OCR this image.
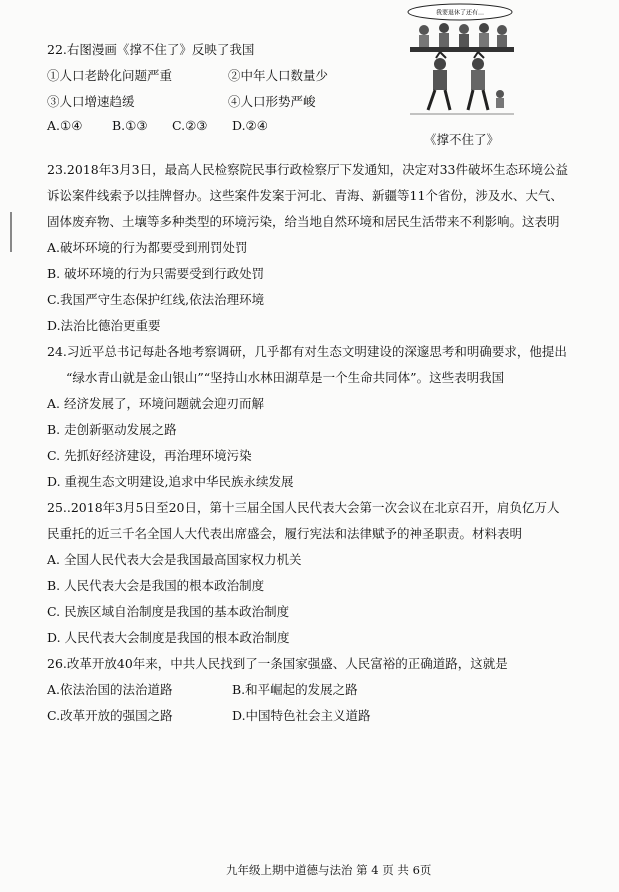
22.右图漫画《撑不住了》反映了我国
①人口老龄化问题严重	②中年人口数量少
③人口增速趋缓	④人口形势严峻
A.①④ B.①③ C.②③ D.②④
我要退休了还有…
《撑不住了》
23.2018年3月3日，最高人民检察院民事行政检察厅下发通知，决定对33件破坏生态环境公益
诉讼案件线索予以挂牌督办。这些案件发案于河北、青海、新疆等11个省份，涉及水、大气、
固体废弃物、土壤等多种类型的环境污染，给当地自然环境和居民生活带来不利影响。这表明
A.破坏环境的行为都要受到刑罚处罚
B. 破坏环境的行为只需要受到行政处罚
C.我国严守生态保护红线,依法治理环境
D.法治比德治更重要
24.习近平总书记每赴各地考察调研，几乎都有对生态文明建设的深邃思考和明确要求，他提出
“绿水青山就是金山银山”“坚持山水林田湖草是一个生命共同体”。这些表明我国
A. 经济发展了，环境问题就会迎刃而解
B. 走创新驱动发展之路
C. 先抓好经济建设，再治理环境污染
D. 重视生态文明建设,追求中华民族永续发展
25..2018年3月5日至20日，第十三届全国人民代表大会第一次会议在北京召开，肩负亿万人
民重托的近三千名全国人大代表出席盛会，履行宪法和法律赋予的神圣职责。材料表明
A. 全国人民代表大会是我国最高国家权力机关
B. 人民代表大会是我国的根本政治制度
C. 民族区域自治制度是我国的基本政治制度
D. 人民代表大会制度是我国的根本政治制度
26.改革开放40年来，中共人民找到了一条国家强盛、人民富裕的正确道路，这就是
A.依法治国的法治道路	B.和平崛起的发展之路
C.改革开放的强国之路	D.中国特色社会主义道路
九年级上期中道德与法治 第 4 页 共 6页
